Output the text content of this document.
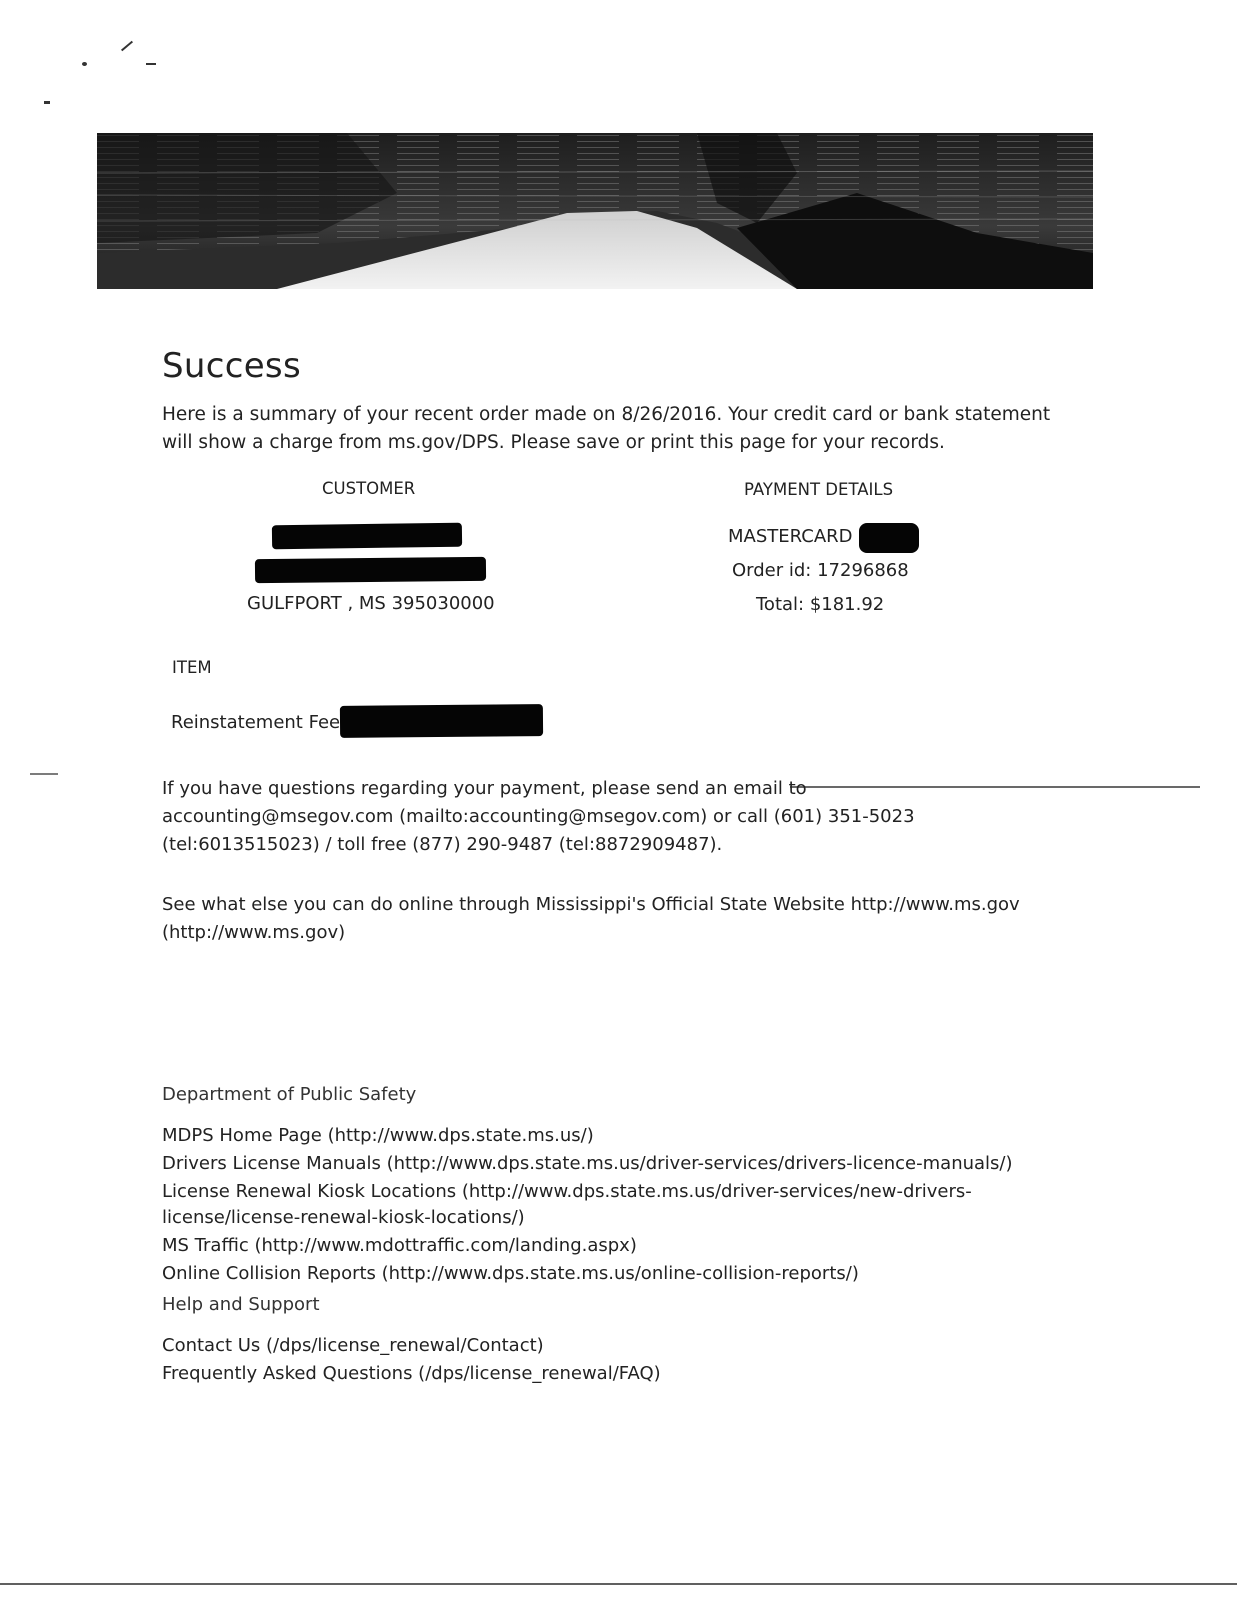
Success

Here is a summary of your recent order made on 8/26/2016. Your credit card or bank statement will show a charge from ms.gov/DPS. Please save or print this page for your records.

CUSTOMER
GULFPORT , MS 395030000
PAYMENT DETAILS
MASTERCARD
Order id: 17296868
Total: $181.92
ITEM
Reinstatement Fee

If you have questions regarding your payment, please send an email to accounting@msegov.com (mailto:accounting@msegov.com) or call (601) 351-5023 (tel:6013515023) / toll free (877) 290-9487 (tel:8872909487).

See what else you can do online through Mississippi's Official State Website http://www.ms.gov (http://www.ms.gov)

Department of Public Safety
MDPS Home Page (http://www.dps.state.ms.us/)
Drivers License Manuals (http://www.dps.state.ms.us/driver-services/drivers-licence-manuals/)
License Renewal Kiosk Locations (http://www.dps.state.ms.us/driver-services/new-drivers-license/license-renewal-kiosk-locations/)
MS Traffic (http://www.mdottraffic.com/landing.aspx)
Online Collision Reports (http://www.dps.state.ms.us/online-collision-reports/)
Help and Support
Contact Us (/dps/license_renewal/Contact)
Frequently Asked Questions (/dps/license_renewal/FAQ)
